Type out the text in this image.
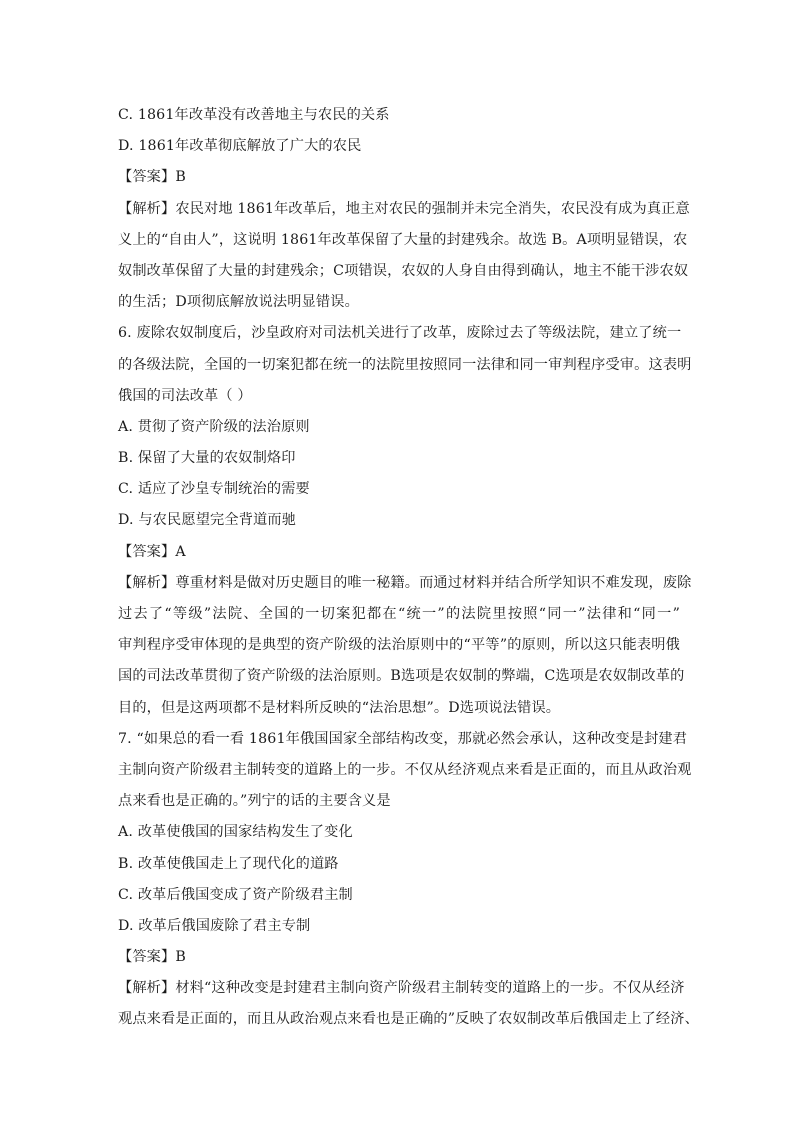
C. 1861年改革没有改善地主与农民的关系
D. 1861年改革彻底解放了广大的农民
【答案】B
【解析】农民对地 1861年改革后，地主对农民的强制并未完全消失，农民没有成为真正意
义上的“自由人”，这说明 1861年改革保留了大量的封建残余。故选 B。A项明显错误，农
奴制改革保留了大量的封建残余；C项错误，农奴的人身自由得到确认，地主不能干涉农奴
的生活；D项彻底解放说法明显错误。
6. 废除农奴制度后，沙皇政府对司法机关进行了改革，废除过去了等级法院，建立了统一
的各级法院，全国的一切案犯都在统一的法院里按照同一法律和同一审判程序受审。这表明
俄国的司法改革（ ）
A. 贯彻了资产阶级的法治原则
B. 保留了大量的农奴制烙印
C. 适应了沙皇专制统治的需要
D. 与农民愿望完全背道而驰
【答案】A
【解析】尊重材料是做对历史题目的唯一秘籍。而通过材料并结合所学知识不难发现，废除
过去了“等级”法院、全国的一切案犯都在“统一”的法院里按照“同一”法律和“同一”
审判程序受审体现的是典型的资产阶级的法治原则中的“平等”的原则，所以这只能表明俄
国的司法改革贯彻了资产阶级的法治原则。B选项是农奴制的弊端，C选项是农奴制改革的
目的，但是这两项都不是材料所反映的“法治思想”。D选项说法错误。
7. “如果总的看一看 1861年俄国国家全部结构改变，那就必然会承认，这种改变是封建君
主制向资产阶级君主制转变的道路上的一步。不仅从经济观点来看是正面的，而且从政治观
点来看也是正确的。”列宁的话的主要含义是
A. 改革使俄国的国家结构发生了变化
B. 改革使俄国走上了现代化的道路
C. 改革后俄国变成了资产阶级君主制
D. 改革后俄国废除了君主专制
【答案】B
【解析】材料“这种改变是封建君主制向资产阶级君主制转变的道路上的一步。不仅从经济
观点来看是正面的，而且从政治观点来看也是正确的”反映了农奴制改革后俄国走上了经济、
